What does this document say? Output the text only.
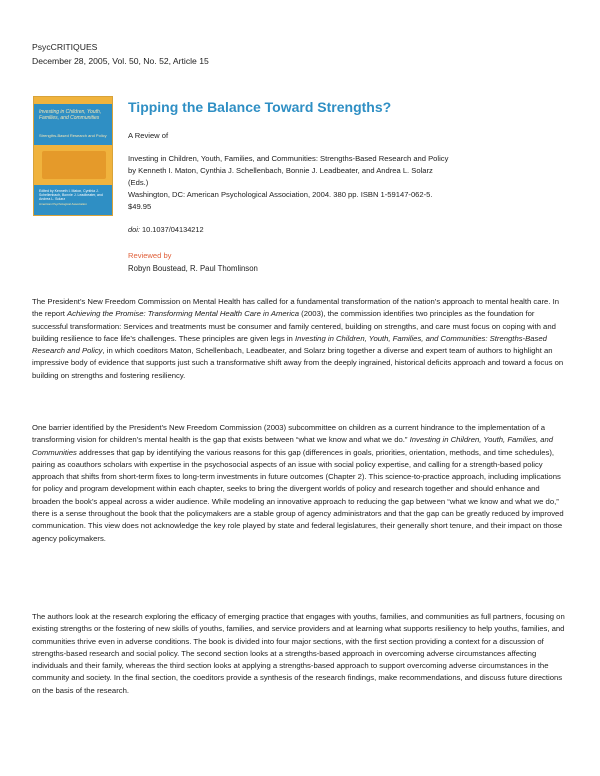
PsycCRITIQUES
December 28, 2005, Vol. 50, No. 52, Article 15
Investing in Children, Youth, Families, and Communities
Strengths-Based Research and Policy
Edited by Kenneth I. Maton, Cynthia J. Schellenbach, Bonnie J. Leadbeater, and Andrea L. Solarz
American Psychological Association
Tipping the Balance Toward Strengths?
A Review of
Investing in Children, Youth, Families, and Communities: Strengths-Based Research and Policy
by Kenneth I. Maton, Cynthia J. Schellenbach, Bonnie J. Leadbeater, and Andrea L. Solarz
(Eds.)
Washington, DC: American Psychological Association, 2004. 380 pp. ISBN 1-59147-062-5.
$49.95
doi: 10.1037/04134212
Reviewed by
Robyn Boustead, R. Paul Thomlinson

The President’s New Freedom Commission on Mental Health has called for a fundamental transformation of the nation’s approach to mental health care. In the report Achieving the Promise: Transforming Mental Health Care in America (2003), the commission identifies two principles as the foundation for successful transformation: Services and treatments must be consumer and family centered, building on strengths, and care must focus on coping with and building resilience to face life’s challenges. These principles are given legs in Investing in Children, Youth, Families, and Communities: Strengths-Based Research and Policy, in which coeditors Maton, Schellenbach, Leadbeater, and Solarz bring together a diverse and expert team of authors to highlight an impressive body of evidence that supports just such a transformative shift away from the deeply ingrained, historical deficits approach and toward a focus on building on strengths and fostering resiliency.

One barrier identified by the President’s New Freedom Commission (2003) subcommittee on children as a current hindrance to the implementation of a transforming vision for children’s mental health is the gap that exists between “what we know and what we do.” Investing in Children, Youth, Families, and Communities addresses that gap by identifying the various reasons for this gap (differences in goals, priorities, orientation, methods, and time schedules), pairing as coauthors scholars with expertise in the psychosocial aspects of an issue with social policy expertise, and calling for a strength-based policy approach that shifts from short-term fixes to long-term investments in future outcomes (Chapter 2). This science-to-practice approach, including implications for policy and program development within each chapter, seeks to bring the divergent worlds of policy and research together and should enhance and broaden the book’s appeal across a wider audience. While modeling an innovative approach to reducing the gap between “what we know and what we do,” there is a sense throughout the book that the policymakers are a stable group of agency administrators and that the gap can be greatly reduced by improved communication. This view does not acknowledge the key role played by state and federal legislatures, their generally short tenure, and their impact on those agency policymakers.

The authors look at the research exploring the efficacy of emerging practice that engages with youths, families, and communities as full partners, focusing on existing strengths or the fostering of new skills of youths, families, and service providers and at learning what supports resiliency to help youths, families, and communities thrive even in adverse conditions. The book is divided into four major sections, with the first section providing a context for a discussion of strengths-based research and social policy. The second section looks at a strengths-based approach in overcoming adverse circumstances affecting individuals and their family, whereas the third section looks at applying a strengths-based approach to support overcoming adverse circumstances in the community and society. In the final section, the coeditors provide a synthesis of the research findings, make recommendations, and discuss future directions on the basis of the research.
